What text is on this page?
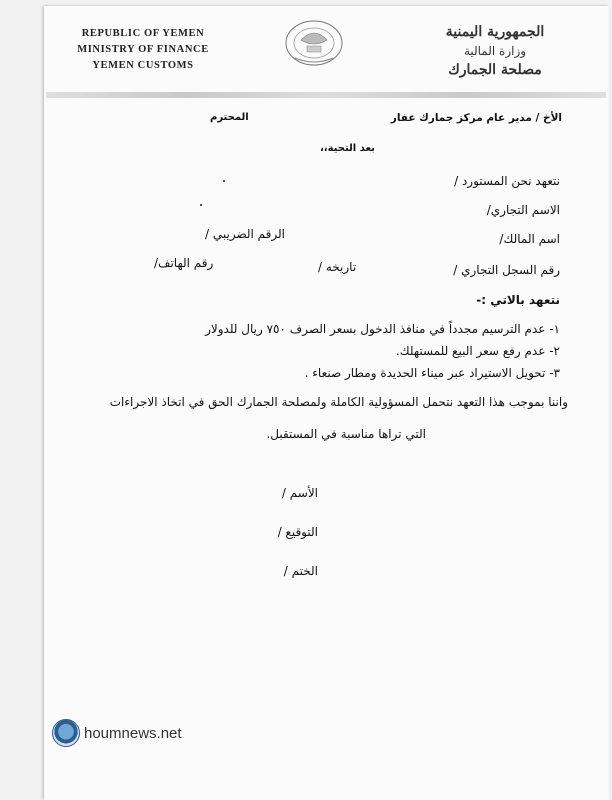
REPUBLIC OF YEMEN
MINISTRY OF FINANCE
YEMEN CUSTOMS
الجمهورية اليمنية
وزارة المالية
مصلحة الجمارك
الأخ / مدير عام مركز جمارك عفار
المحترم
بعد التحية،،
نتعهد نحن المستورد /
الاسم التجاري/
اسم المالك/
الرقم الضريبي /
رقم السجل التجاري /
تاريخه /
رقم الهاتف/
نتعهد بالاتي :-
١- عدم الترسيم مجدداً في منافذ الدخول بسعر الصرف ٧٥٠ ريال للدولار
٢- عدم رفع سعر البيع للمستهلك.
٣- تحويل الاستيراد عبر ميناء الحديدة ومطار صنعاء .
واننا بموجب هذا التعهد نتحمل المسؤولية الكاملة ولمصلحة الجمارك الحق في اتخاذ الاجراءات
التي تراها مناسبة في المستقبل.
الأسم /
التوقيع /
الختم /
houmnews.net
